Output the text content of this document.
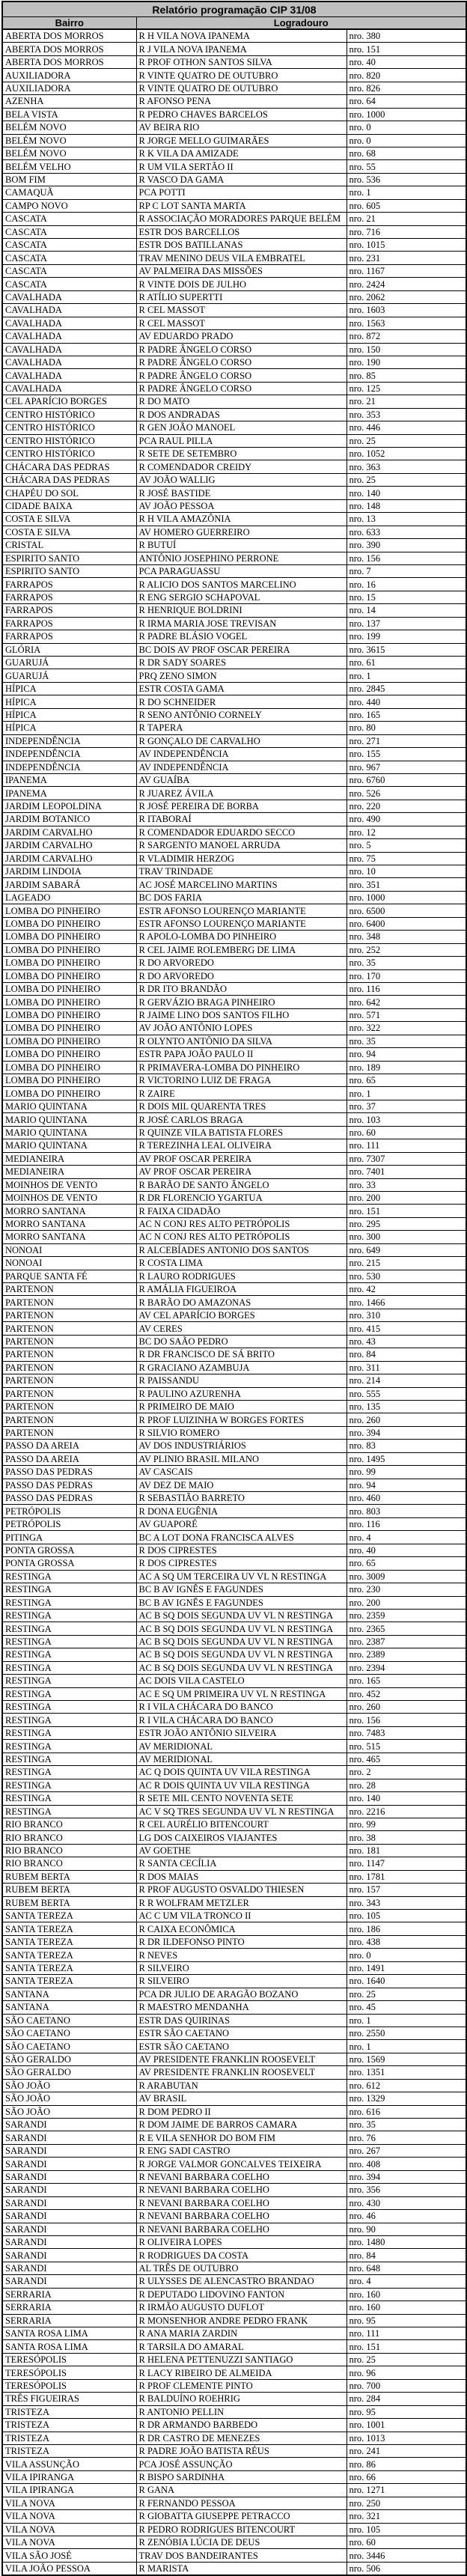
Relatório programação CIP 31/08		
Bairro	Logradouro	
ABERTA DOS MORROS	R H VILA NOVA IPANEMA	nro. 380
ABERTA DOS MORROS	R J VILA NOVA IPANEMA	nro. 151
ABERTA DOS MORROS	R PROF OTHON SANTOS SILVA	nro. 40
AUXILIADORA	R VINTE QUATRO DE OUTUBRO	nro. 820
AUXILIADORA	R VINTE QUATRO DE OUTUBRO	nro. 826
AZENHA	R AFONSO PENA	nro. 64
BELA VISTA	R PEDRO CHAVES BARCELOS	nro. 1000
BELÉM NOVO	AV BEIRA RIO	nro. 0
BELÉM NOVO	R JORGE MELLO GUIMARÃES	nro. 0
BELÉM NOVO	R K VILA DA AMIZADE	nro. 68
BELÉM VELHO	R UM VILA SERTÃO II	nro. 55
BOM FIM	R VASCO DA GAMA	nro. 536
CAMAQUÃ	PCA POTTI	nro. 1
CAMPO NOVO	RP C LOT SANTA MARTA	nro. 605
CASCATA	R ASSOCIAÇÃO MORADORES PARQUE BELÉM	nro. 21
CASCATA	ESTR DOS BARCELLOS	nro. 716
CASCATA	ESTR DOS BATILLANAS	nro. 1015
CASCATA	TRAV MENINO DEUS VILA EMBRATEL	nro. 231
CASCATA	AV PALMEIRA DAS MISSÕES	nro. 1167
CASCATA	R VINTE DOIS DE JULHO	nro. 2424
CAVALHADA	R ATÍLIO SUPERTTI	nro. 2062
CAVALHADA	R CEL MASSOT	nro. 1603
CAVALHADA	R CEL MASSOT	nro. 1563
CAVALHADA	AV EDUARDO PRADO	nro. 872
CAVALHADA	R PADRE ÂNGELO CORSO	nro. 150
CAVALHADA	R PADRE ÂNGELO CORSO	nro. 190
CAVALHADA	R PADRE ÂNGELO CORSO	nro. 85
CAVALHADA	R PADRE ÂNGELO CORSO	nro. 125
CEL APARÍCIO BORGES	R DO MATO	nro. 21
CENTRO HISTÓRICO	R DOS ANDRADAS	nro. 353
CENTRO HISTÓRICO	R GEN JOÃO MANOEL	nro. 446
CENTRO HISTÓRICO	PCA RAUL PILLA	nro. 25
CENTRO HISTÓRICO	R SETE DE SETEMBRO	nro. 1052
CHÁCARA DAS PEDRAS	R COMENDADOR CREIDY	nro. 363
CHÁCARA DAS PEDRAS	AV JOÃO WALLIG	nro. 25
CHAPÉU DO SOL	R JOSÉ BASTIDE	nro. 140
CIDADE BAIXA	AV JOÃO PESSOA	nro. 148
COSTA E SILVA	R H VILA AMAZÔNIA	nro. 13
COSTA E SILVA	AV HOMERO GUERREIRO	nro. 633
CRISTAL	R BUTUÍ	nro. 390
ESPIRITO SANTO	ANTÔNIO JOSEPHINO PERRONE	nro. 156
ESPIRITO SANTO	PCA PARAGUASSU	nro. 7
FARRAPOS	R ALICIO DOS SANTOS MARCELINO	nro. 16
FARRAPOS	R ENG SERGIO SCHAPOVAL	nro. 15
FARRAPOS	R HENRIQUE BOLDRINI	nro. 14
FARRAPOS	R IRMA MARIA JOSE TREVISAN	nro. 137
FARRAPOS	R PADRE BLÁSIO VOGEL	nro. 199
GLÓRIA	BC DOIS AV PROF OSCAR PEREIRA	nro. 3615
GUARUJÁ	R DR SADY SOARES	nro. 61
GUARUJÁ	PRQ ZENO SIMON	nro. 1
HÍPICA	ESTR COSTA GAMA	nro. 2845
HÍPICA	R DO SCHNEIDER	nro. 440
HÍPICA	R SENO ANTÔNIO CORNELY	nro. 165
HÍPICA	R TAPERA	nro. 80
INDEPENDÊNCIA	R GONÇALO DE CARVALHO	nro. 271
INDEPENDÊNCIA	AV INDEPENDÊNCIA	nro. 155
INDEPENDÊNCIA	AV INDEPENDÊNCIA	nro. 967
IPANEMA	AV GUAÍBA	nro. 6760
IPANEMA	R JUAREZ ÁVILA	nro. 526
JARDIM LEOPOLDINA	R JOSÉ PEREIRA DE BORBA	nro. 220
JARDIM BOTANICO	R ITABORAÍ	nro. 490
JARDIM CARVALHO	R COMENDADOR EDUARDO SECCO	nro. 12
JARDIM CARVALHO	R SARGENTO MANOEL ARRUDA	nro. 5
JARDIM CARVALHO	R VLADIMIR HERZOG	nro. 75
JARDIM LINDOIA	TRAV TRINDADE	nro. 10
JARDIM SABARÁ	AC JOSÉ MARCELINO MARTINS	nro. 351
LAGEADO	BC DOS FARIA	nro. 1000
LOMBA DO PINHEIRO	ESTR AFONSO LOURENÇO MARIANTE	nro. 6500
LOMBA DO PINHEIRO	ESTR AFONSO LOURENÇO MARIANTE	nro. 6400
LOMBA DO PINHEIRO	R APOLO-LOMBA DO PINHEIRO	nro. 348
LOMBA DO PINHEIRO	R CEL JAIME ROLEMBERG DE LIMA	nro. 252
LOMBA DO PINHEIRO	R DO ARVOREDO	nro. 35
LOMBA DO PINHEIRO	R DO ARVOREDO	nro. 170
LOMBA DO PINHEIRO	R DR ITO BRANDÃO	nro. 116
LOMBA DO PINHEIRO	R GERVÁZIO BRAGA PINHEIRO	nro. 642
LOMBA DO PINHEIRO	R JAIME LINO DOS SANTOS FILHO	nro. 571
LOMBA DO PINHEIRO	AV JOÃO ANTÔNIO LOPES	nro. 322
LOMBA DO PINHEIRO	R OLYNTO ANTÔNIO DA SILVA	nro. 35
LOMBA DO PINHEIRO	ESTR PAPA JOÃO PAULO II	nro. 94
LOMBA DO PINHEIRO	R PRIMAVERA-LOMBA DO PINHEIRO	nro. 189
LOMBA DO PINHEIRO	R VICTORINO LUIZ DE FRAGA	nro. 65
LOMBA DO PINHEIRO	R ZAIRE	nro. 1
MARIO QUINTANA	R DOIS MIL QUARENTA TRES	nro. 37
MARIO QUINTANA	R JOSÉ CARLOS BRAGA	nro. 103
MARIO QUINTANA	R QUINZE VILA BATISTA FLORES	nro. 60
MARIO QUINTANA	R TEREZINHA LEAL OLIVEIRA	nro. 111
MEDIANEIRA	AV PROF OSCAR PEREIRA	nro. 7307
MEDIANEIRA	AV PROF OSCAR PEREIRA	nro. 7401
MOINHOS DE VENTO	R BARÃO DE SANTO ÂNGELO	nro. 33
MOINHOS DE VENTO	R DR FLORENCIO YGARTUA	nro. 200
MORRO SANTANA	R FAIXA CIDADÃO	nro. 151
MORRO SANTANA	AC N CONJ RES ALTO PETRÓPOLIS	nro. 295
MORRO SANTANA	AC N CONJ RES ALTO PETRÓPOLIS	nro. 300
NONOAI	R ALCEBÍADES ANTONIO DOS SANTOS	nro. 649
NONOAI	R COSTA LIMA	nro. 215
PARQUE SANTA FÉ	R LAURO RODRIGUES	nro. 530
PARTENON	R AMÁLIA FIGUEIROA	nro. 42
PARTENON	R BARÃO DO AMAZONAS	nro. 1466
PARTENON	AV CEL APARÍCIO BORGES	nro. 310
PARTENON	AV CERES	nro. 415
PARTENON	BC DO SAÃO PEDRO	nro. 43
PARTENON	R DR FRANCISCO DE SÁ BRITO	nro. 84
PARTENON	R GRACIANO AZAMBUJA	nro. 311
PARTENON	R PAISSANDU	nro. 214
PARTENON	R PAULINO AZURENHA	nro. 555
PARTENON	R PRIMEIRO DE MAIO	nro. 135
PARTENON	R PROF LUIZINHA W BORGES FORTES	nro. 260
PARTENON	R SILVIO ROMERO	nro. 394
PASSO DA AREIA	AV DOS INDUSTRIÁRIOS	nro. 83
PASSO DA AREIA	AV PLINIO BRASIL MILANO	nro. 1495
PASSO DAS PEDRAS	AV CASCAIS	nro. 99
PASSO DAS PEDRAS	AV DEZ DE MAIO	nro. 94
PASSO DAS PEDRAS	R SEBASTIÃO BARRETO	nro. 460
PETRÓPOLIS	R DONA EUGÊNIA	nro. 803
PETRÓPOLIS	AV GUAPORÉ	nro. 116
PITINGA	BC A LOT DONA FRANCISCA ALVES	nro. 4
PONTA GROSSA	R DOS CIPRESTES	nro. 40
PONTA GROSSA	R DOS CIPRESTES	nro. 65
RESTINGA	AC A SQ UM TERCEIRA UV VL N RESTINGA	nro. 3009
RESTINGA	BC B AV IGNÊS E FAGUNDES	nro. 230
RESTINGA	BC B AV IGNÊS E FAGUNDES	nro. 200
RESTINGA	AC B SQ DOIS SEGUNDA UV VL N RESTINGA	nro. 2359
RESTINGA	AC B SQ DOIS SEGUNDA UV VL N RESTINGA	nro. 2365
RESTINGA	AC B SQ DOIS SEGUNDA UV VL N RESTINGA	nro. 2387
RESTINGA	AC B SQ DOIS SEGUNDA UV VL N RESTINGA	nro. 2389
RESTINGA	AC B SQ DOIS SEGUNDA UV VL N RESTINGA	nro. 2394
RESTINGA	AC DOIS VILA CASTELO	nro. 165
RESTINGA	AC E SQ UM PRIMEIRA UV VL N RESTINGA	nro. 452
RESTINGA	R I VILA CHÁCARA DO BANCO	nro. 260
RESTINGA	R I VILA CHÁCARA DO BANCO	nro. 156
RESTINGA	ESTR JOÃO ANTÔNIO SILVEIRA	nro. 7483
RESTINGA	AV MERIDIONAL	nro. 515
RESTINGA	AV MERIDIONAL	nro. 465
RESTINGA	AC Q DOIS QUINTA UV VILA RESTINGA	nro. 2
RESTINGA	AC R DOIS QUINTA UV VILA RESTINGA	nro. 28
RESTINGA	R SETE MIL CENTO NOVENTA SETE	nro. 140
RESTINGA	AC V SQ TRES SEGUNDA UV VL N RESTINGA	nro. 2216
RIO BRANCO	R CEL AURÉLIO BITENCOURT	nro. 99
RIO BRANCO	LG DOS CAIXEIROS VIAJANTES	nro. 38
RIO BRANCO	AV GOETHE	nro. 181
RIO BRANCO	R SANTA CECÍLIA	nro. 1147
RUBEM BERTA	R DOS MAIAS	nro. 1781
RUBEM BERTA	R PROF AUGUSTO OSVALDO THIESEN	nro. 157
RUBEM BERTA	R R WOLFRAM METZLER	nro. 343
SANTA TEREZA	AC C UM VILA TRONCO II	nro. 105
SANTA TEREZA	R CAIXA ECONÔMICA	nro. 186
SANTA TEREZA	R DR ILDEFONSO PINTO	nro. 438
SANTA TEREZA	R NEVES	nro. 0
SANTA TEREZA	R SILVEIRO	nro. 1491
SANTA TEREZA	R SILVEIRO	nro. 1640
SANTANA	PCA DR JULIO DE ARAGÃO BOZANO	nro. 25
SANTANA	R MAESTRO MENDANHA	nro. 45
SÃO CAETANO	ESTR DAS QUIRINAS	nro. 1
SÃO CAETANO	ESTR SÃO CAETANO	nro. 2550
SÃO CAETANO	ESTR SÃO CAETANO	nro. 1
SÃO GERALDO	AV PRESIDENTE FRANKLIN ROOSEVELT	nro. 1569
SÃO GERALDO	AV PRESIDENTE FRANKLIN ROOSEVELT	nro. 1351
SÃO JOÃO	R ARABUTAN	nro. 612
SÃO JOÃO	AV BRASIL	nro. 1329
SÃO JOÃO	R DOM PEDRO II	nro. 616
SARANDI	R DOM JAIME DE BARROS CAMARA	nro. 35
SARANDI	R E VILA SENHOR DO BOM FIM	nro. 76
SARANDI	R ENG SADI CASTRO	nro. 267
SARANDI	R JORGE VALMOR GONCALVES TEIXEIRA	nro. 408
SARANDI	R NEVANI BARBARA COELHO	nro. 394
SARANDI	R NEVANI BARBARA COELHO	nro. 356
SARANDI	R NEVANI BARBARA COELHO	nro. 430
SARANDI	R NEVANI BARBARA COELHO	nro. 46
SARANDI	R NEVANI BARBARA COELHO	nro. 90
SARANDI	R OLIVEIRA LOPES	nro. 1480
SARANDI	R RODRIGUES DA COSTA	nro. 84
SARANDI	AL TRÊS DE OUTUBRO	nro. 648
SARANDI	R ULYSSES DE ALENCASTRO BRANDAO	nro. 4
SERRARIA	R DEPUTADO LIDOVINO FANTON	nro. 160
SERRARIA	R IRMÃO AUGUSTO DUFLOT	nro. 160
SERRARIA	R MONSENHOR ANDRE PEDRO FRANK	nro. 95
SANTA ROSA LIMA	R ANA MARIA ZARDIN	nro. 111
SANTA ROSA LIMA	R TARSILA DO AMARAL	nro. 151
TERESÓPOLIS	R HELENA PETTENUZZI SANTIAGO	nro. 25
TERESÓPOLIS	R LACY RIBEIRO DE ALMEIDA	nro. 96
TERESÓPOLIS	R PROF CLEMENTE PINTO	nro. 700
TRÊS FIGUEIRAS	R BALDUÍNO ROEHRIG	nro. 284
TRISTEZA	R ANTONIO PELLIN	nro. 95
TRISTEZA	R DR ARMANDO BARBEDO	nro. 1001
TRISTEZA	R DR CASTRO DE MENEZES	nro. 1013
TRISTEZA	R PADRE JOÃO BATISTA RÉUS	nro. 241
VILA ASSUNÇÃO	PCA JOSÉ ASSUNÇÃO	nro. 86
VILA IPIRANGA	R BISPO SARDINHA	nro. 66
VILA IPIRANGA	R GANA	nro. 1271
VILA NOVA	R FERNANDO PESSOA	nro. 250
VILA NOVA	R GIOBATTA GIUSEPPE PETRACCO	nro. 321
VILA NOVA	R PEDRO RODRIGUES BITENCOURT	nro. 105
VILA NOVA	R ZENÓBIA LÚCIA DE DEUS	nro. 60
VILA SÃO JOSÉ	TRAV DOS BANDEIRANTES	nro. 3446
VILA JOÃO PESSOA	R MARISTA	nro. 506
